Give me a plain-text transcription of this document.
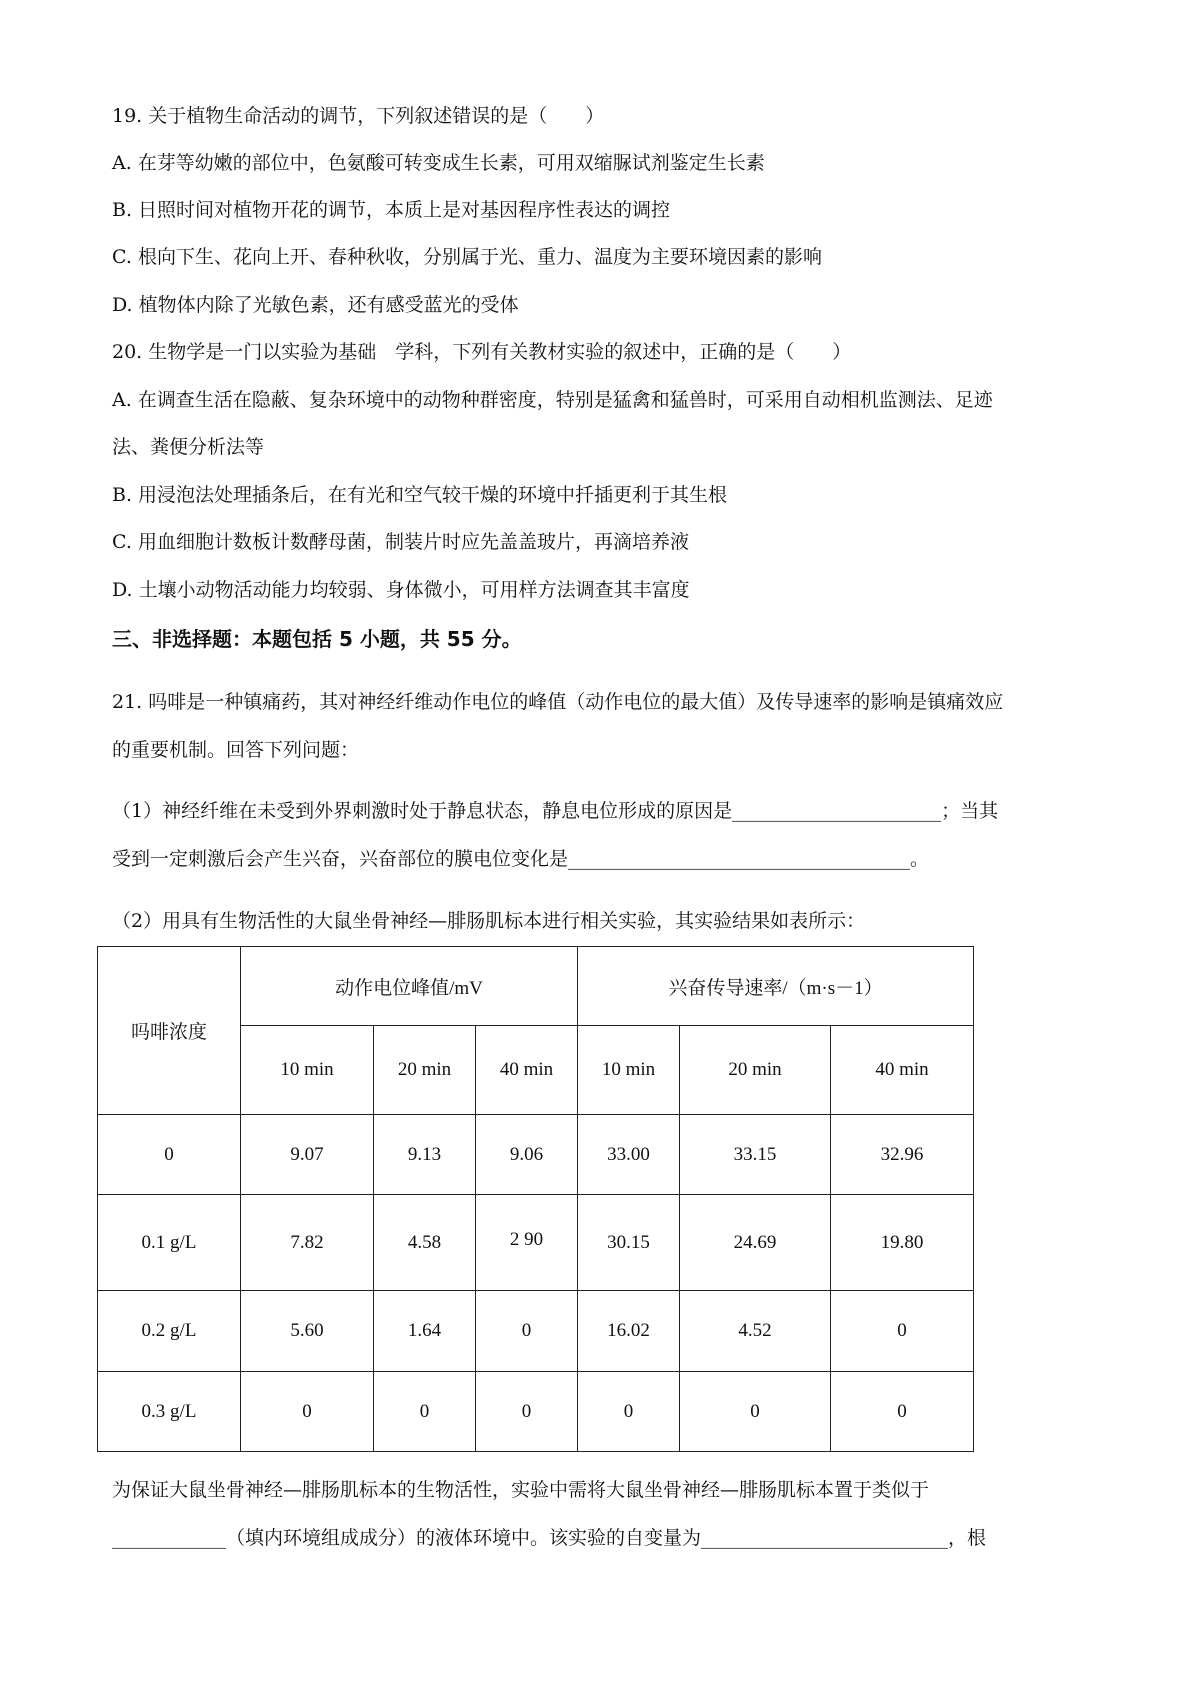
19. 关于植物生命活动的调节，下列叙述错误的是（　　）
A. 在芽等幼嫩的部位中，色氨酸可转变成生长素，可用双缩脲试剂鉴定生长素
B. 日照时间对植物开花的调节，本质上是对基因程序性表达的调控
C. 根向下生、花向上开、春种秋收，分别属于光、重力、温度为主要环境因素的影响
D. 植物体内除了光敏色素，还有感受蓝光的受体
20. 生物学是一门以实验为基础　学科，下列有关教材实验的叙述中，正确的是（　　）
A. 在调查生活在隐蔽、复杂环境中的动物种群密度，特别是猛禽和猛兽时，可采用自动相机监测法、足迹
法、粪便分析法等
B. 用浸泡法处理插条后，在有光和空气较干燥的环境中扦插更利于其生根
C. 用血细胞计数板计数酵母菌，制装片时应先盖盖玻片，再滴培养液
D. 土壤小动物活动能力均较弱、身体微小，可用样方法调查其丰富度
三、非选择题：本题包括 5 小题，共 55 分。
21. 吗啡是一种镇痛药，其对神经纤维动作电位的峰值（动作电位的最大值）及传导速率的影响是镇痛效应
的重要机制。回答下列问题：
（1）神经纤维在未受到外界刺激时处于静息状态，静息电位形成的原因是______________________；当其
受到一定刺激后会产生兴奋，兴奋部位的膜电位变化是____________________________________。
（2）用具有生物活性的大鼠坐骨神经—腓肠肌标本进行相关实验，其实验结果如表所示：
吗啡浓度	动作电位峰值/mV			兴奋传导速率/（m·s－1）		
	10 min	20 min	40 min	10 min	20 min	40 min
0	9.07	9.13	9.06	33.00	33.15	32.96
0.1 g/L	7.82	4.58	2 90	30.15	24.69	19.80
0.2 g/L	5.60	1.64	0	16.02	4.52	0
0.3 g/L	0	0	0	0	0	0
为保证大鼠坐骨神经—腓肠肌标本的生物活性，实验中需将大鼠坐骨神经—腓肠肌标本置于类似于
____________（填内环境组成成分）的液体环境中。该实验的自变量为__________________________，根
